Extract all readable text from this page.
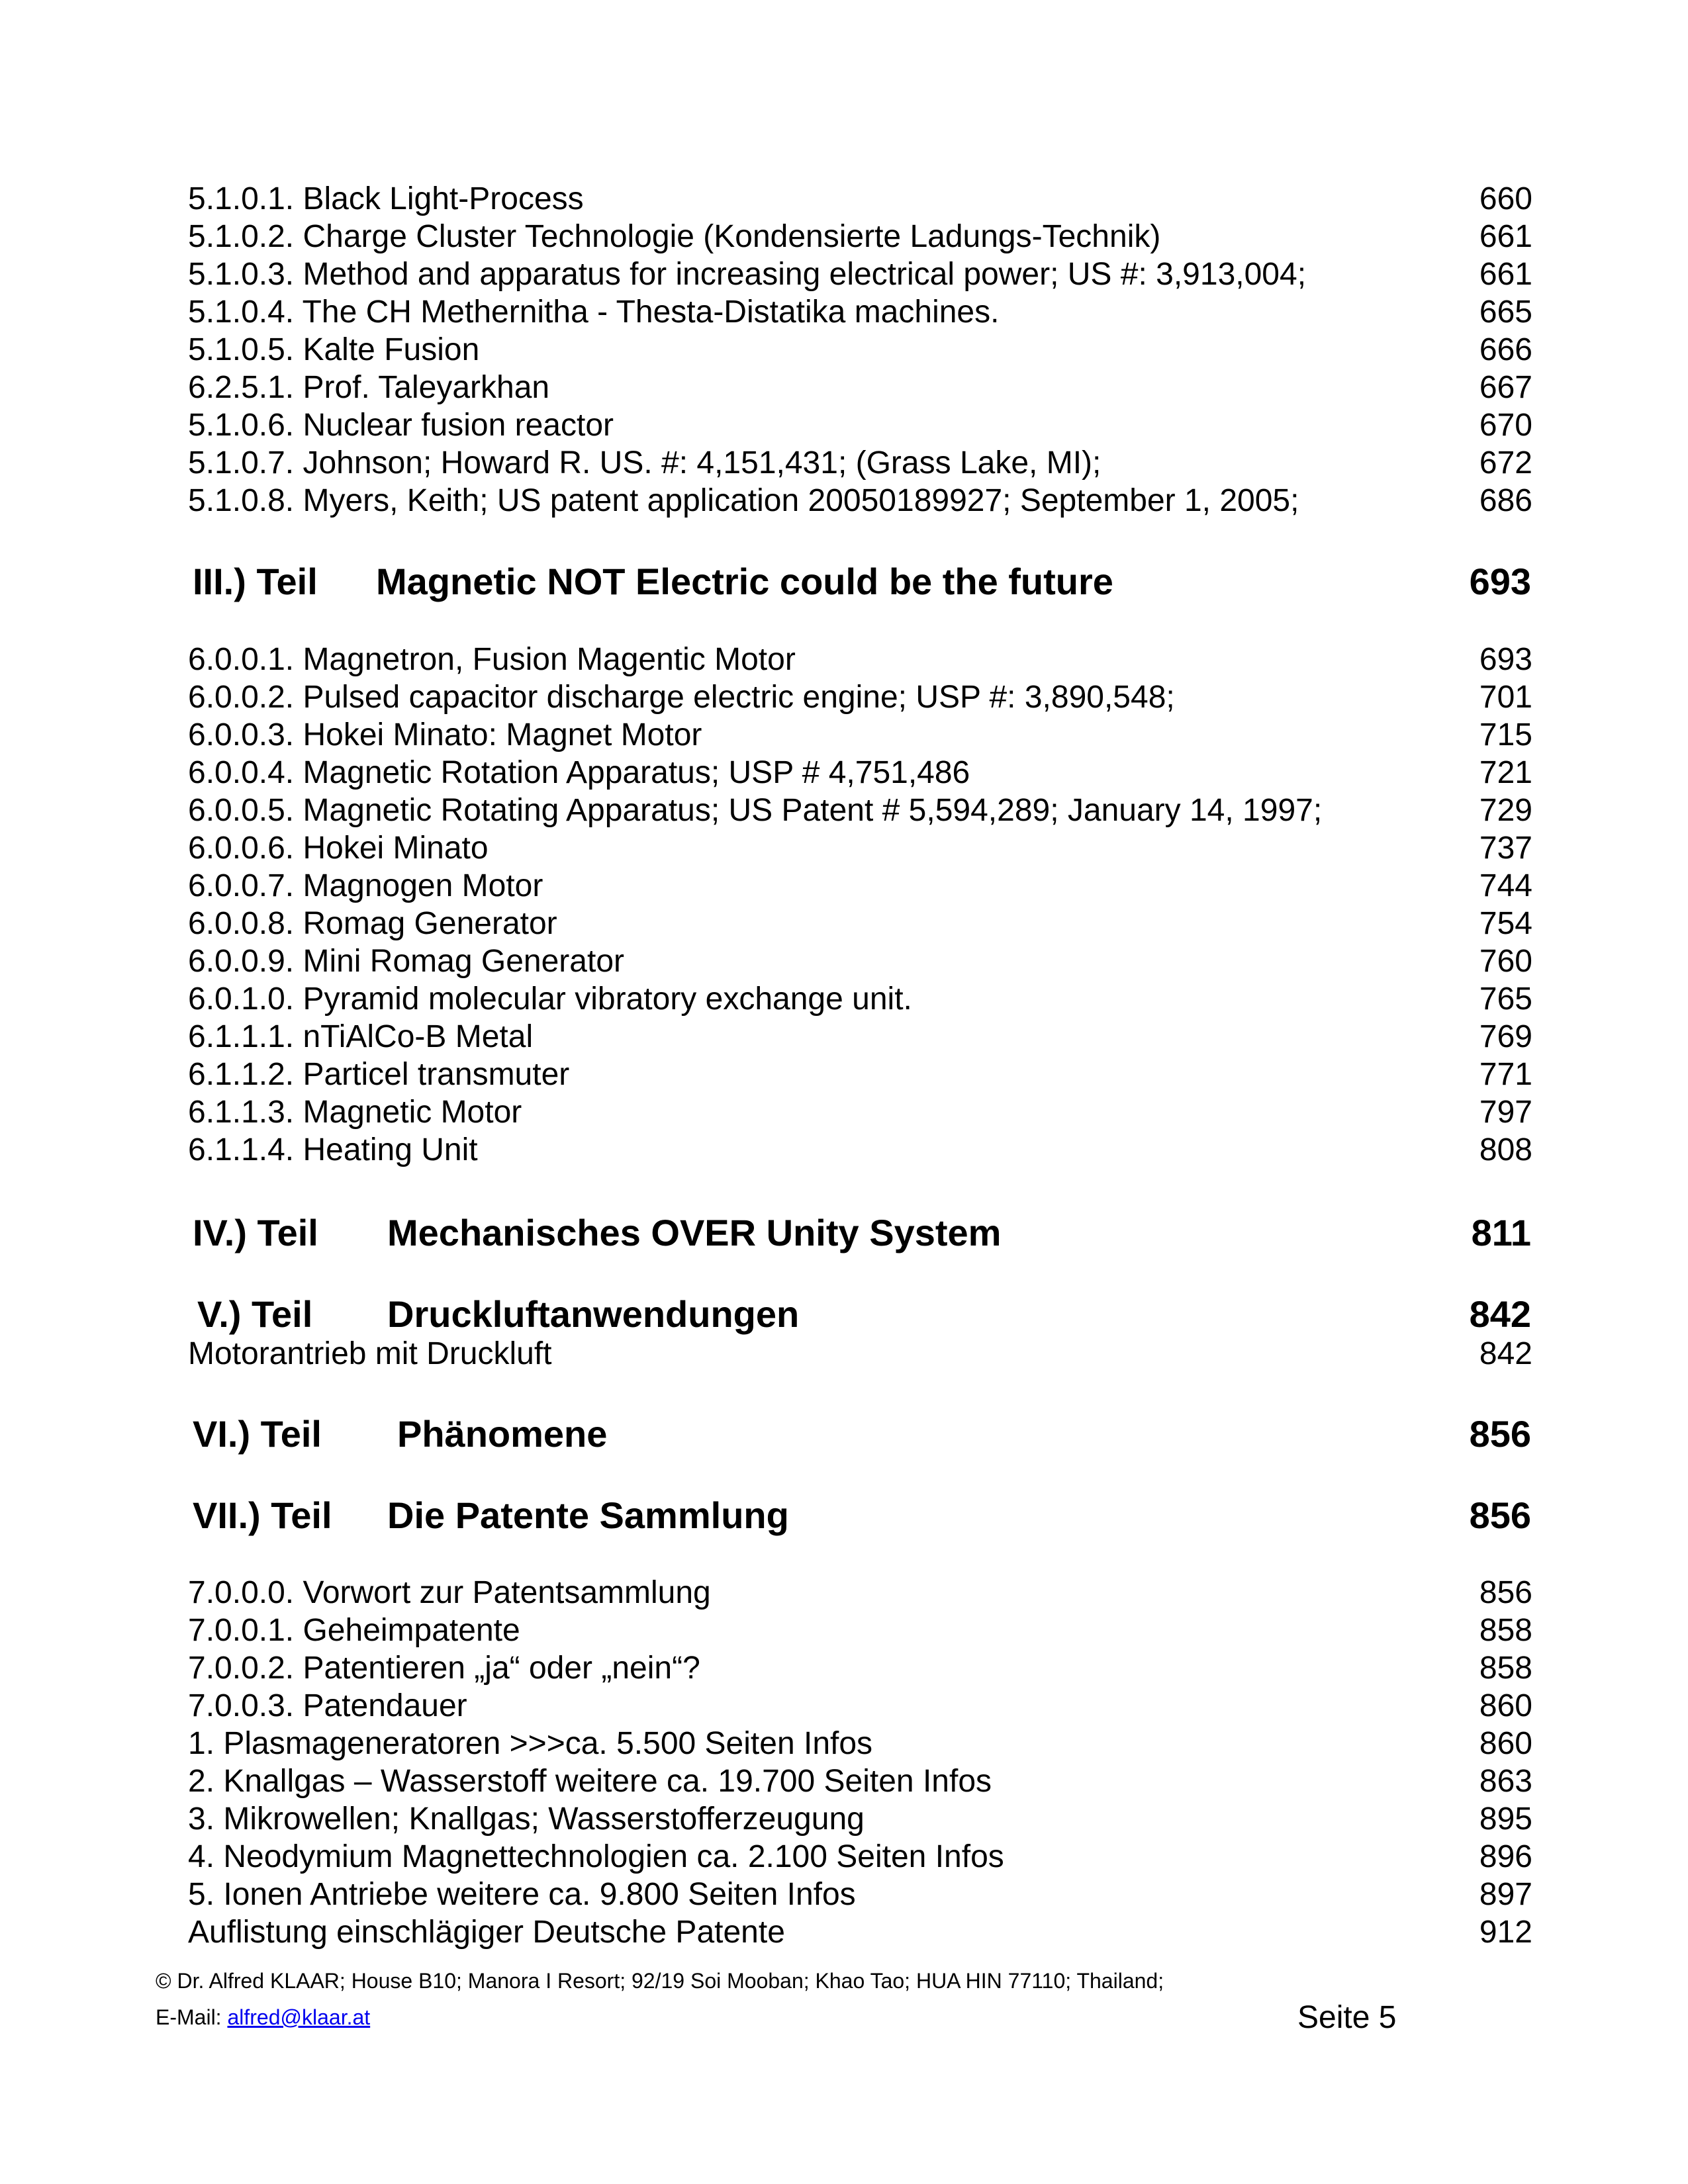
5.1.0.1. Black Light-Process	660
5.1.0.2. Charge Cluster Technologie (Kondensierte Ladungs-Technik)	661
5.1.0.3. Method and apparatus for increasing electrical power; US #: 3,913,004;	661
5.1.0.4. The CH Methernitha - Thesta-Distatika machines.	665
5.1.0.5. Kalte Fusion	666
6.2.5.1. Prof. Taleyarkhan	667
5.1.0.6. Nuclear fusion reactor	670
5.1.0.7. Johnson; Howard R. US. #: 4,151,431; (Grass Lake, MI);	672
5.1.0.8. Myers, Keith; US patent application 20050189927; September 1, 2005;	686
III.) Teil Magnetic NOT Electric could be the future	693
6.0.0.1. Magnetron, Fusion Magentic Motor	693
6.0.0.2. Pulsed capacitor discharge electric engine; USP #: 3,890,548;	701
6.0.0.3. Hokei Minato: Magnet Motor	715
6.0.0.4. Magnetic Rotation Apparatus; USP # 4,751,486	721
6.0.0.5. Magnetic Rotating Apparatus; US Patent # 5,594,289; January 14, 1997;	729
6.0.0.6. Hokei Minato	737
6.0.0.7. Magnogen Motor	744
6.0.0.8. Romag Generator	754
6.0.0.9. Mini Romag Generator	760
6.0.1.0. Pyramid molecular vibratory exchange unit.	765
6.1.1.1. nTiAlCo-B Metal	769
6.1.1.2. Particel transmuter	771
6.1.1.3. Magnetic Motor	797
6.1.1.4. Heating Unit	808
IV.) Teil Mechanisches OVER Unity System	811
V.) Teil Druckluftanwendungen	842
Motorantrieb mit Druckluft	842
VI.) Teil Phänomene	856
VII.) Teil Die Patente Sammlung	856
7.0.0.0. Vorwort zur Patentsammlung	856
7.0.0.1. Geheimpatente	858
7.0.0.2. Patentieren „ja“ oder „nein“?	858
7.0.0.3. Patendauer	860
1. Plasmageneratoren >>>ca. 5.500 Seiten Infos	860
2. Knallgas – Wasserstoff weitere ca. 19.700 Seiten Infos	863
3. Mikrowellen; Knallgas; Wasserstofferzeugung	895
4. Neodymium Magnettechnologien ca. 2.100 Seiten Infos	896
5. Ionen Antriebe weitere ca. 9.800 Seiten Infos	897
Auflistung einschlägiger Deutsche Patente	912
© Dr. Alfred KLAAR; House B10; Manora I Resort; 92/19 Soi Mooban; Khao Tao; HUA HIN 77110; Thailand;
E-Mail: alfred@klaar.at	Seite 5
